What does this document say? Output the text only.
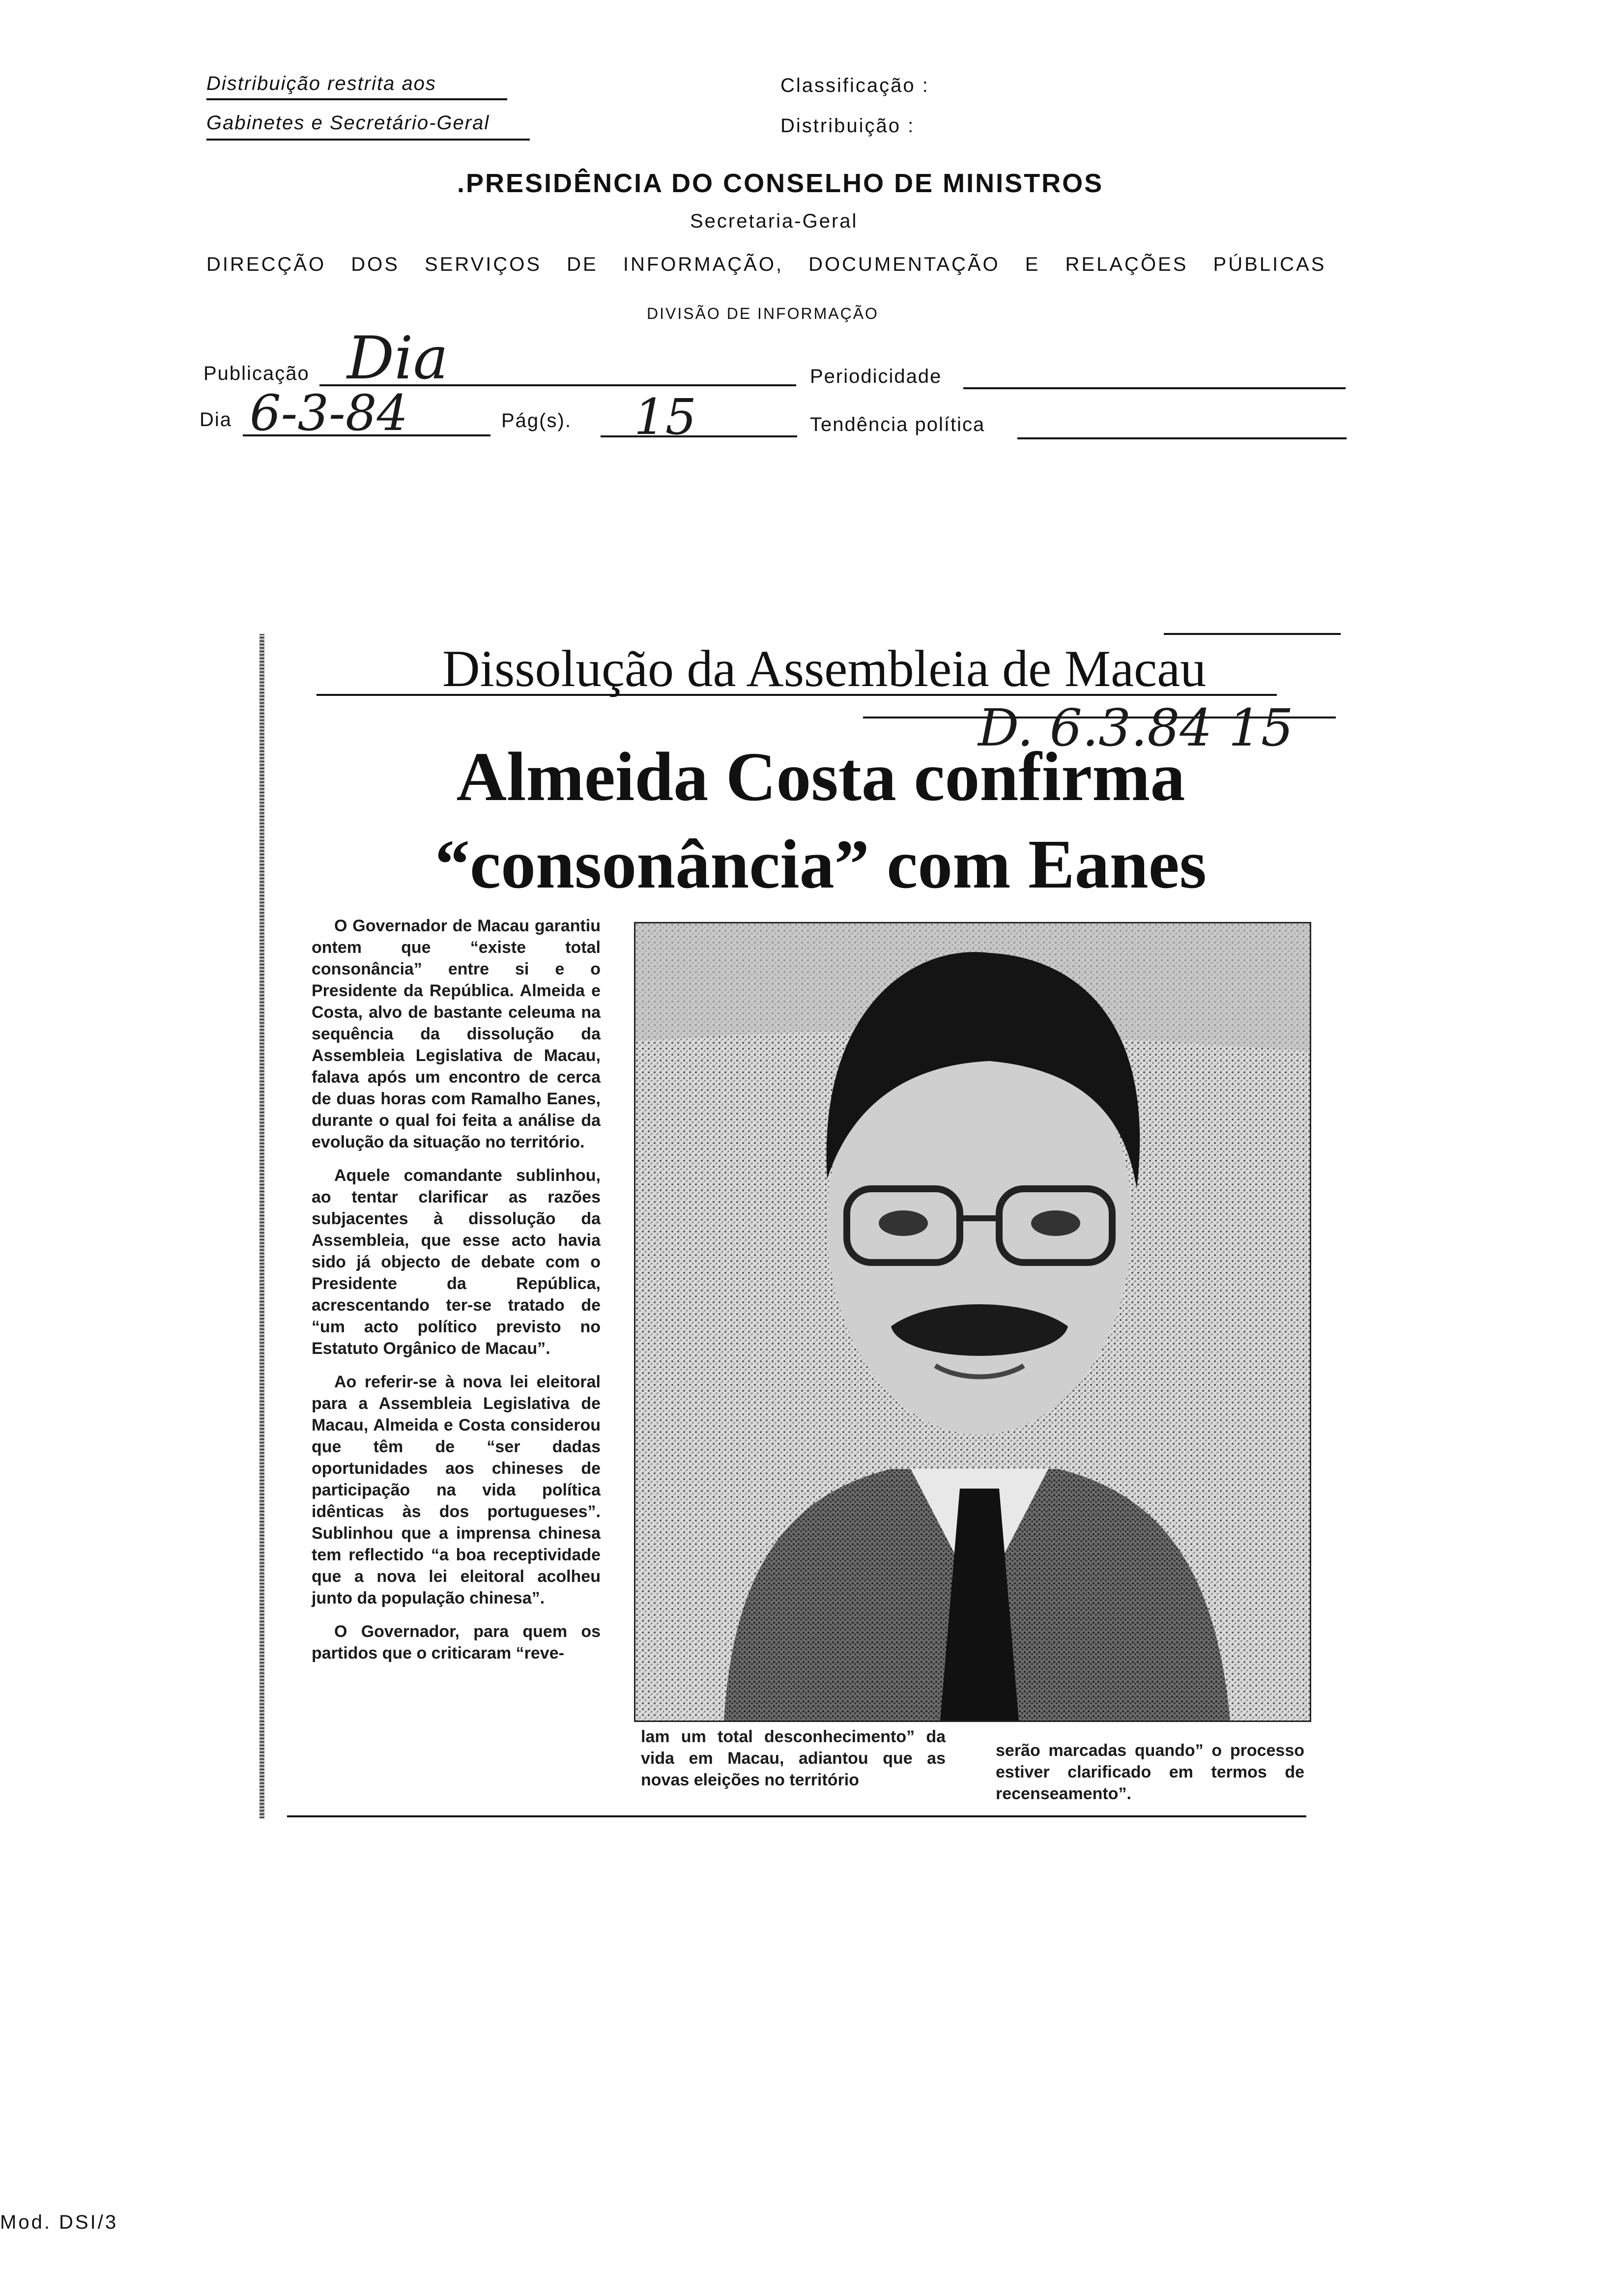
Distribuição restrita aos
Gabinetes e Secretário-Geral
Classificação :
Distribuição :
.PRESIDÊNCIA DO CONSELHO DE MINISTROS
Secretaria-Geral
DIRECÇÃO DOS SERVIÇOS DE INFORMAÇÃO, DOCUMENTAÇÃO E RELAÇÕES PÚBLICAS
DIVISÃO DE INFORMAÇÃO
Publicação Dia	Periodicidade
Dia 6-3-84	Pág(s). 15	Tendência política
Dissolução da Assembleia de Macau
D. 6.3.84 15
Almeida Costa confirma
“consonância” com Eanes

O Governador de Macau garantiu ontem que “existe total consonância” entre si e o Presidente da República. Almeida e Costa, alvo de bastante celeuma na sequência da dissolução da Assembleia Legislativa de Macau, falava após um encontro de cerca de duas horas com Ramalho Eanes, durante o qual foi feita a análise da evolução da situação no território.

Aquele comandante sublinhou, ao tentar clarificar as razões subjacentes à dissolução da Assembleia, que esse acto havia sido já objecto de debate com o Presidente da República, acrescentando ter-se tratado de “um acto político previsto no Estatuto Orgânico de Macau”.

Ao referir-se à nova lei eleitoral para a Assembleia Legislativa de Macau, Almeida e Costa considerou que têm de “ser dadas oportunidades aos chineses de participação na vida política idênticas às dos portugueses”. Sublinhou que a imprensa chinesa tem reflectido “a boa receptividade que a nova lei eleitoral acolheu junto da população chinesa”.

O Governador, para quem os partidos que o criticaram “reve-

lam um total desconhecimento” da vida em Macau, adiantou que as novas eleições no território

serão marcadas quando” o processo estiver clarificado em termos de recenseamento”.

Mod. DSI/3
